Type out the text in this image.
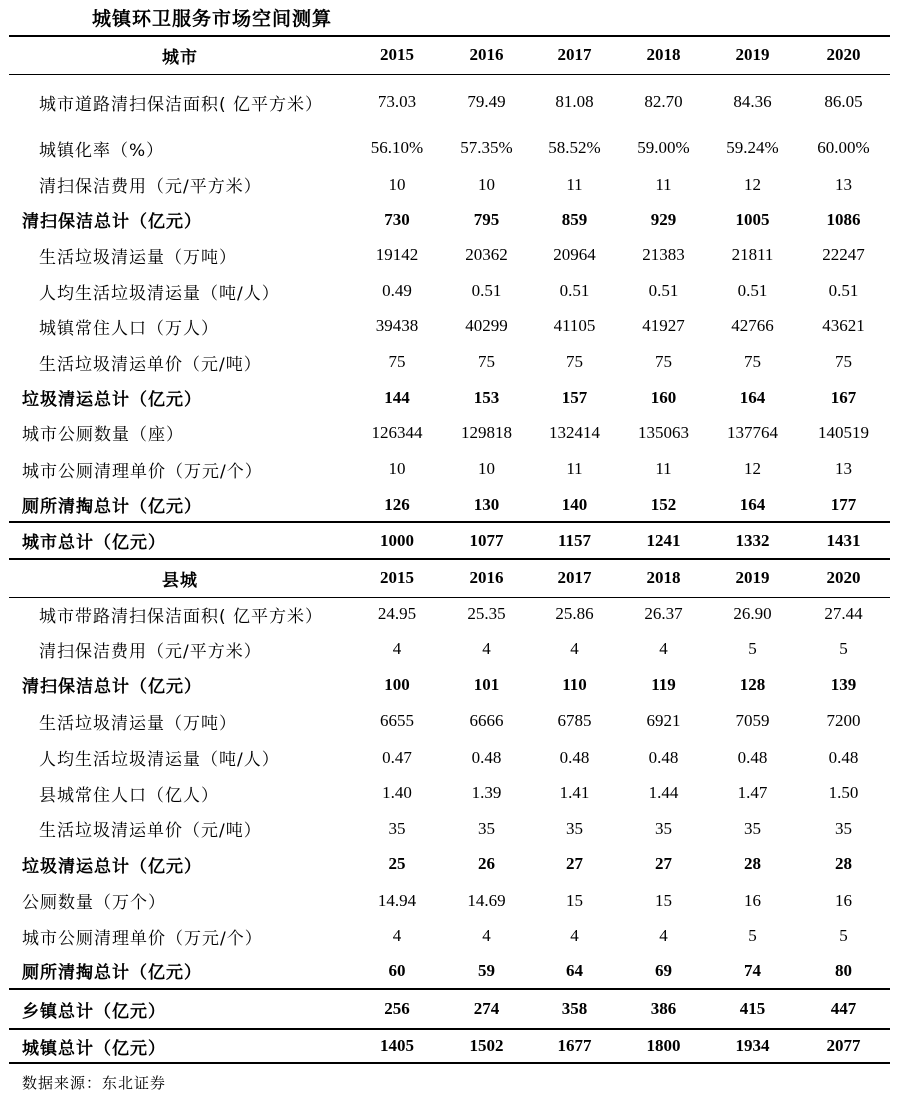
城镇环卫服务市场空间测算
城市	2015	2016	2017	2018	2019	2020
城市道路清扫保洁面积( 亿平方米）	73.03	79.49	81.08	82.70	84.36	86.05
城镇化率（%）	56.10%	57.35%	58.52%	59.00%	59.24%	60.00%
清扫保洁费用（元/平方米）	10	10	11	11	12	13
清扫保洁总计（亿元）	730	795	859	929	1005	1086
生活垃圾清运量（万吨）	19142	20362	20964	21383	21811	22247
人均生活垃圾清运量（吨/人）	0.49	0.51	0.51	0.51	0.51	0.51
城镇常住人口（万人）	39438	40299	41105	41927	42766	43621
生活垃圾清运单价（元/吨）	75	75	75	75	75	75
垃圾清运总计（亿元）	144	153	157	160	164	167
城市公厕数量（座）	126344	129818	132414	135063	137764	140519
城市公厕清理单价（万元/个）	10	10	11	11	12	13
厕所清掏总计（亿元）	126	130	140	152	164	177
城市总计（亿元）	1000	1077	1157	1241	1332	1431
县城	2015	2016	2017	2018	2019	2020
城市带路清扫保洁面积( 亿平方米）	24.95	25.35	25.86	26.37	26.90	27.44
清扫保洁费用（元/平方米）	4	4	4	4	5	5
清扫保洁总计（亿元）	100	101	110	119	128	139
生活垃圾清运量（万吨）	6655	6666	6785	6921	7059	7200
人均生活垃圾清运量（吨/人）	0.47	0.48	0.48	0.48	0.48	0.48
县城常住人口（亿人）	1.40	1.39	1.41	1.44	1.47	1.50
生活垃圾清运单价（元/吨）	35	35	35	35	35	35
垃圾清运总计（亿元）	25	26	27	27	28	28
公厕数量（万个）	14.94	14.69	15	15	16	16
城市公厕清理单价（万元/个）	4	4	4	4	5	5
厕所清掏总计（亿元）	60	59	64	69	74	80
乡镇总计（亿元）	256	274	358	386	415	447
城镇总计（亿元）	1405	1502	1677	1800	1934	2077
数据来源：东北证券
